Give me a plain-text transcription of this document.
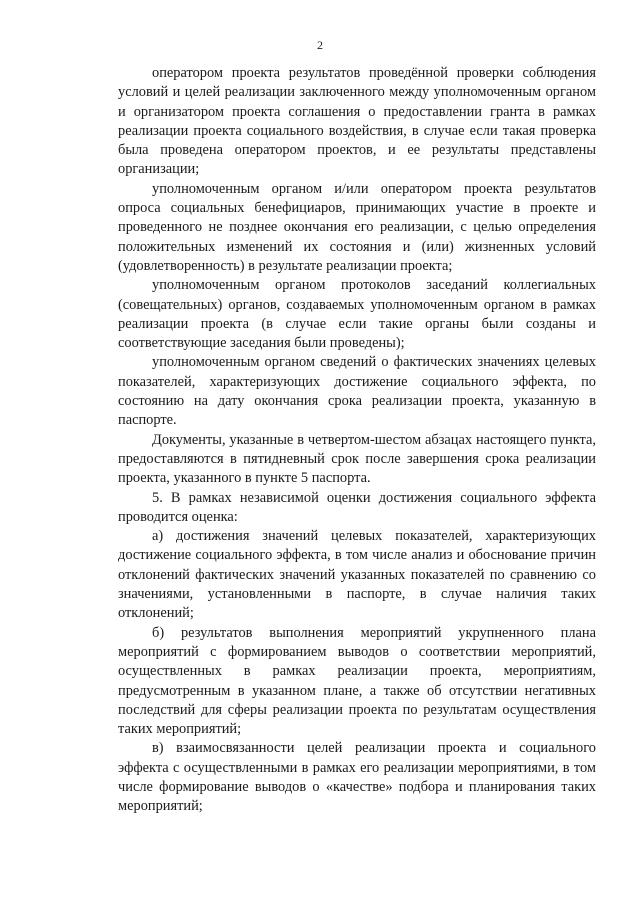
2

оператором проекта результатов проведённой проверки соблюдения условий и целей реализации заключенного между уполномоченным органом и организатором проекта соглашения о предоставлении гранта в рамках реализации проекта социального воздействия, в случае если такая проверка была проведена оператором проектов, и ее результаты представлены организации;

уполномоченным органом и/или оператором проекта результатов опроса социальных бенефициаров, принимающих участие в проекте и проведенного не позднее окончания его реализации, с целью определения положительных изменений их состояния и (или) жизненных условий (удовлетворенность) в результате реализации проекта;

уполномоченным органом протоколов заседаний коллегиальных (совещательных) органов, создаваемых уполномоченным органом в рамках реализации проекта (в случае если такие органы были созданы и соответствующие заседания были проведены);

уполномоченным органом сведений о фактических значениях целевых показателей, характеризующих достижение социального эффекта, по состоянию на дату окончания срока реализации проекта, указанную в паспорте.

Документы, указанные в четвертом-шестом абзацах настоящего пункта, предоставляются в пятидневный срок после завершения срока реализации проекта, указанного в пункте 5 паспорта.

5. В рамках независимой оценки достижения социального эффекта проводится оценка:

а) достижения значений целевых показателей, характеризующих достижение социального эффекта, в том числе анализ и обоснование причин отклонений фактических значений указанных показателей по сравнению со значениями, установленными в паспорте, в случае наличия таких отклонений;

б) результатов выполнения мероприятий укрупненного плана мероприятий с формированием выводов о соответствии мероприятий, осуществленных в рамках реализации проекта, мероприятиям, предусмотренным в указанном плане, а также об отсутствии негативных последствий для сферы реализации проекта по результатам осуществления таких мероприятий;

в) взаимосвязанности целей реализации проекта и социального эффекта с осуществленными в рамках его реализации мероприятиями, в том числе формирование выводов о «качестве» подбора и планирования таких мероприятий;
